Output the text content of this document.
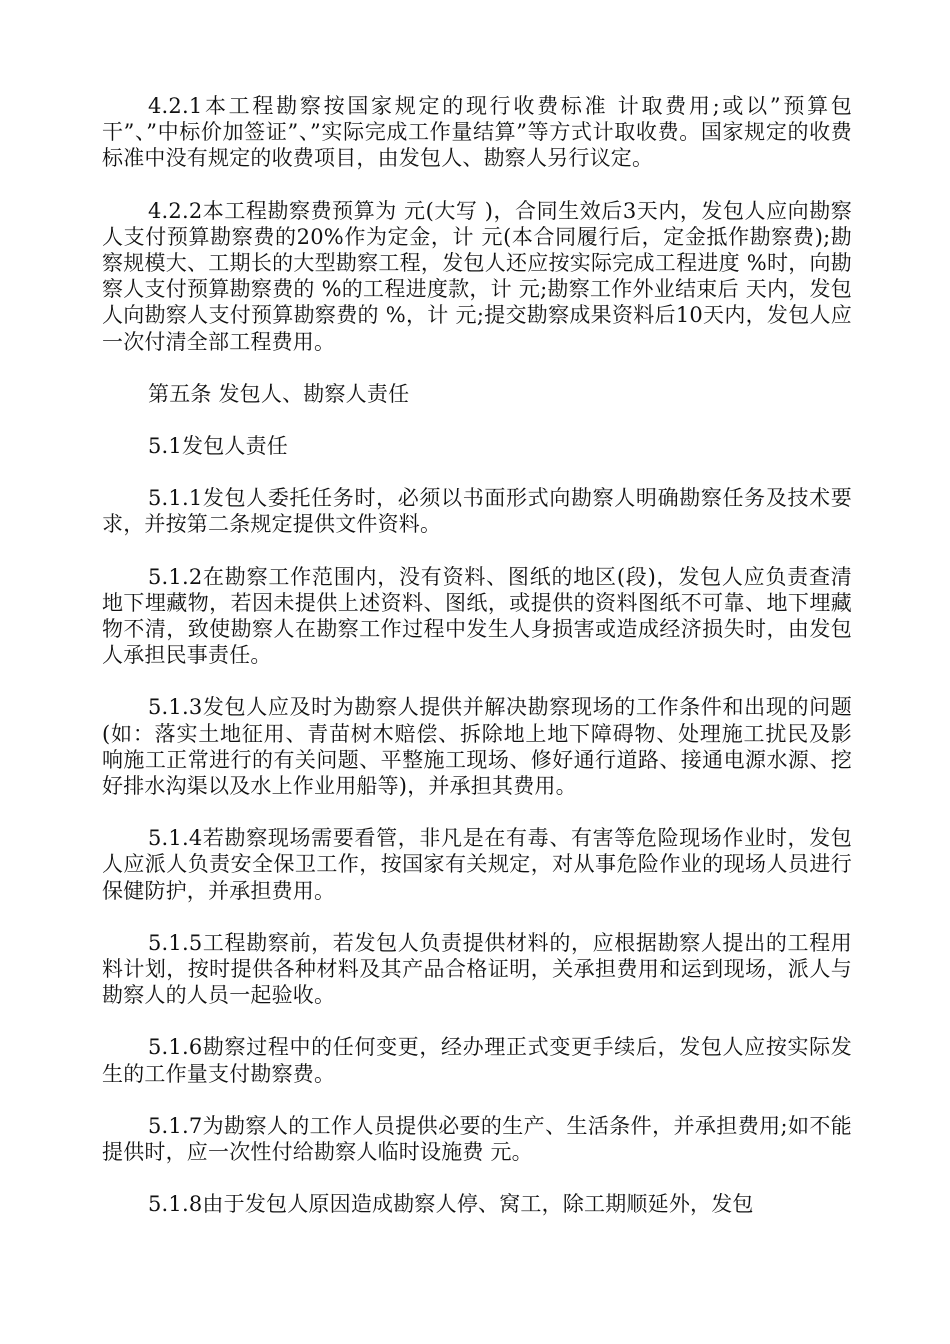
4.2.1本工程勘察按国家规定的现行收费标准 计取费用;或以”预算包干”、”中标价加签证”、”实际完成工作量结算”等方式计取收费。国家规定的收费标准中没有规定的收费项目，由发包人、勘察人另行议定。

4.2.2本工程勘察费预算为 元(大写 )，合同生效后3天内，发包人应向勘察人支付预算勘察费的20%作为定金，计 元(本合同履行后，定金抵作勘察费);勘察规模大、工期长的大型勘察工程，发包人还应按实际完成工程进度 %时，向勘察人支付预算勘察费的 %的工程进度款，计 元;勘察工作外业结束后 天内，发包人向勘察人支付预算勘察费的 %，计 元;提交勘察成果资料后10天内，发包人应一次付清全部工程费用。

第五条 发包人、勘察人责任

5.1发包人责任

5.1.1发包人委托任务时，必须以书面形式向勘察人明确勘察任务及技术要求，并按第二条规定提供文件资料。

5.1.2在勘察工作范围内，没有资料、图纸的地区(段)，发包人应负责查清地下埋藏物，若因未提供上述资料、图纸，或提供的资料图纸不可靠、地下埋藏物不清，致使勘察人在勘察工作过程中发生人身损害或造成经济损失时，由发包人承担民事责任。

5.1.3发包人应及时为勘察人提供并解决勘察现场的工作条件和出现的问题(如：落实土地征用、青苗树木赔偿、拆除地上地下障碍物、处理施工扰民及影响施工正常进行的有关问题、平整施工现场、修好通行道路、接通电源水源、挖好排水沟渠以及水上作业用船等)，并承担其费用。

5.1.4若勘察现场需要看管，非凡是在有毒、有害等危险现场作业时，发包人应派人负责安全保卫工作，按国家有关规定，对从事危险作业的现场人员进行保健防护，并承担费用。

5.1.5工程勘察前，若发包人负责提供材料的，应根据勘察人提出的工程用料计划，按时提供各种材料及其产品合格证明，关承担费用和运到现场，派人与勘察人的人员一起验收。

5.1.6勘察过程中的任何变更，经办理正式变更手续后，发包人应按实际发生的工作量支付勘察费。

5.1.7为勘察人的工作人员提供必要的生产、生活条件，并承担费用;如不能提供时，应一次性付给勘察人临时设施费 元。

5.1.8由于发包人原因造成勘察人停、窝工，除工期顺延外，发包
